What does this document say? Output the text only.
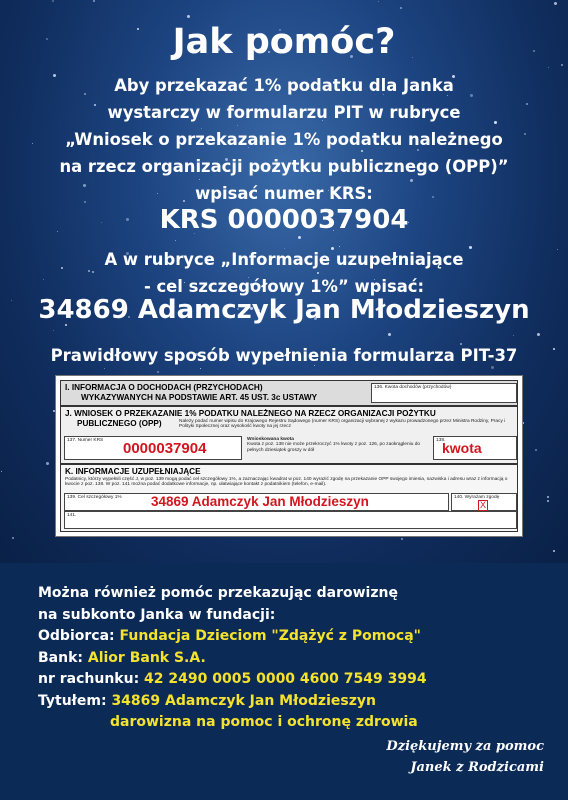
Jak pomóc?
Aby przekazać 1% podatku dla Janka
wystarczy w formularzu PIT w rubryce
„Wniosek o przekazanie 1% podatku należnego
na rzecz organizacji pożytku publicznego (OPP)”
wpisać numer KRS:
KRS 0000037904
A w rubryce „Informacje uzupełniające
- cel szczegółowy 1%” wpisać:
34869 Adamczyk Jan Młodzieszyn
Prawidłowy sposób wypełnienia formularza PIT-37
I. INFORMACJA O DOCHODACH (PRZYCHODACH)
WYKAZYWANYCH NA PODSTAWIE ART. 45 UST. 3c USTAWY
136. Kwota dochodów (przychodów)
J. WNIOSEK O PRZEKAZANIE 1% PODATKU NALEŻNEGO NA RZECZ ORGANIZACJI POŻYTKU
PUBLICZNEGO (OPP)	Należy podać numer wpisu do Krajowego Rejestru Sądowego (numer KRS) organizacji wybranej z wykazu prowadzonego przez Ministra Rodziny, Pracy i Polityki Społecznej oraz wysokość kwoty na jej rzecz
137. Numer KRS 0000037904
Wnioskowana kwota
Kwota z poz. 138 nie może przekroczyć 1% kwoty z poz. 126, po zaokrągleniu do pełnych dziesiątek groszy w dół
138.
kwota
K. INFORMACJE UZUPEŁNIAJĄCE
Podatnicy, którzy wypełnili część J, w poz. 139 mogą podać cel szczegółowy 1%, a zaznaczając kwadrat w poz. 140 wyrazić zgodę na przekazanie OPP swojego imienia, nazwiska i adresu wraz z informacją o kwocie z poz. 138. W poz. 141 można podać dodatkowe informacje, np. ułatwiające kontakt z podatnikiem (telefon, e-mail).
139. Cel szczegółowy 1% 34869 Adamczyk Jan Młodzieszyn	140. Wyrażam zgodę
X
141.
Można również pomóc przekazując darowiznę
na subkonto Janka w fundacji:
Odbiorca: Fundacja Dzieciom "Zdążyć z Pomocą"
Bank: Alior Bank S.A.
nr rachunku: 42 2490 0005 0000 4600 7549 3994
Tytułem: 34869 Adamczyk Jan Młodzieszyn
darowizna na pomoc i ochronę zdrowia
Dziękujemy za pomoc
Janek z Rodzicami
